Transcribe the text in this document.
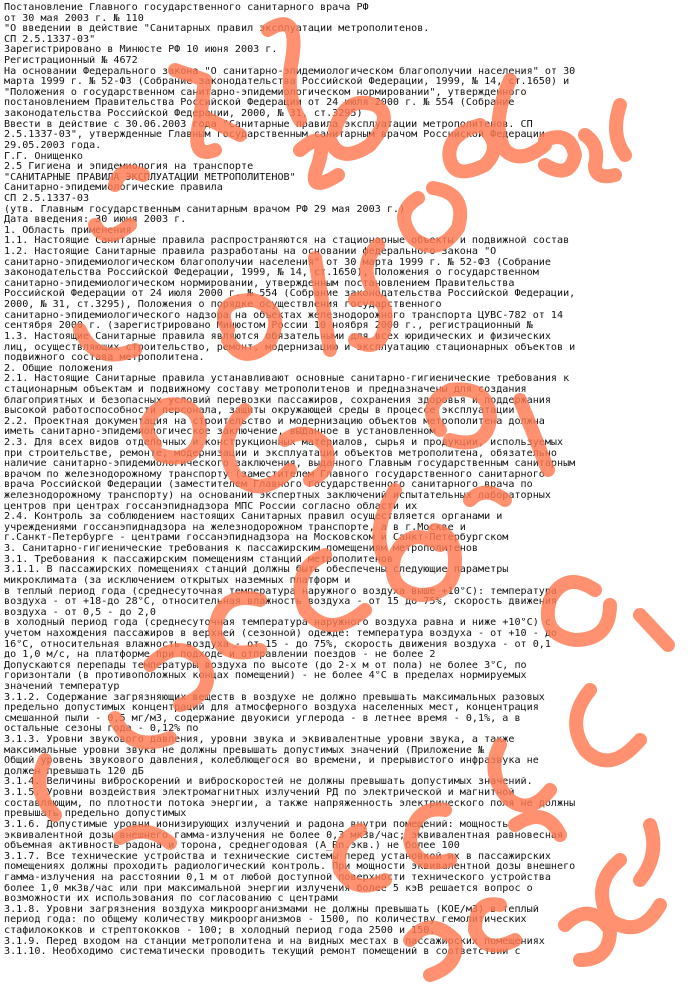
Постановление Главного государственного санитарного врача РФ
от 30 мая 2003 г. № 110
"О введении в действие "Санитарных правил эксплуатации метрополитенов.
СП 2.5.1337-03"
Зарегистрировано в Минюсте РФ 10 июня 2003 г.
Регистрационный № 4672
На основании Федерального закона "О санитарно-эпидемиологическом благополучии населения" от 30
марта 1999 г. № 52-ФЗ (Собрание законодательства Российской Федерации, 1999, № 14, ст.1650) и
"Положения о государственном санитарно-эпидемиологическом нормировании", утвержденного
постановлением Правительства Российской Федерации от 24 июля 2000 г. № 554 (Собрание
законодательства Российской Федерации, 2000, № 31, ст.3295)
Ввести в действие с 30.06.2003 года "Санитарные правила эксплуатации метрополитенов. СП
2.5.1337-03", утвержденные Главным государственным санитарным врачом Российской Федерации
29.05.2003 года.
Г.Г. Онищенко
2.5 Гигиена и эпидемиология на транспорте
"САНИТАРНЫЕ ПРАВИЛА ЭКСПЛУАТАЦИИ МЕТРОПОЛИТЕНОВ"
Санитарно-эпидемиологические правила
СП 2.5.1337-03
(утв. Главным государственным санитарным врачом РФ 29 мая 2003 г.)
Дата введения: 30 июня 2003 г.
1. Область применения
1.1. Настоящие Санитарные правила распространяются на стационарные объекты и подвижной состав
1.2. Настоящие Санитарные правила разработаны на основании федерального закона "О
санитарно-эпидемиологическом благополучии населения" от 30 марта 1999 г. № 52-ФЗ (Собрание
законодательства Российской Федерации, 1999, № 14, ст.1650), Положения о государственном
санитарно-эпидемиологическом нормировании, утвержденным постановлением Правительства
Российской Федерации от 24 июля 2000 г. № 554 (Собрание законодательства Российской Федерации,
2000, № 31, ст.3295), Положения о порядке осуществления государственного
санитарно-эпидемиологического надзора на объектах железнодорожного транспорта ЦУВС-782 от 14
сентября 2000 г. (зарегистрировано Минюстом России 10 ноября 2000 г., регистрационный №
1.3. Настоящие Санитарные правила являются обязательными для всех юридических и физических
лиц, осуществляющих строительство, ремонт, модернизацию и эксплуатацию стационарных объектов и
подвижного состава метрополитена.
2. Общие положения
2.1. Настоящие Санитарные правила устанавливают основные санитарно-гигиенические требования к
стационарным объектам и подвижному составу метрополитенов и предназначены для создания
благоприятных и безопасных условий перевозки пассажиров, сохранения здоровья и поддержания
высокой работоспособности персонала, защиты окружающей среды в процессе эксплуатации
2.2. Проектная документация на строительство и модернизацию объектов метрополитена должна
иметь санитарно-эпидемиологическое заключение, выданное в установленном
2.3. Для всех видов отделочных и конструкционных материалов, сырья и продукции, используемых
при строительстве, ремонте, модернизации и эксплуатации объектов метрополитена, обязательно
наличие санитарно-эпидемиологического заключения, выданного Главным государственным санитарным
врачом по железнодорожному транспорту (заместителем Главного государственного санитарного
врача Российской Федерации (заместителем Главного государственного санитарного врача по
железнодорожному транспорту) на основании экспертных заключений испытательных лабораторных
центров при центрах госсанэпиднадзора МПС России согласно области их
2.4. Контроль за соблюдением настоящих Санитарных правил осуществляется органами и
учреждениями госсанэпиднадзора на железнодорожном транспорте, а в г.Москве и
г.Санкт-Петербурге - центрами госсанэпиднадзора на Московском и Санкт-Петербургском
3. Санитарно-гигиенические требования к пассажирским помещениям метрополитенов
3.1. Требования к пассажирским помещениям станций метрополитенов
3.1.1. В пассажирских помещениях станций должны быть обеспечены следующие параметры
микроклимата (за исключением открытых наземных платформ и
в теплый период года (среднесуточная температура наружного воздуха выше +10°С): температура
воздуха - от +18-до 28°С, относительная влажность воздуха - от 15 до 75%, скорость движения
воздуха - от 0,5 - до 2,0
в холодный период года (среднесуточная температура наружного воздуха равна и ниже +10°С) с
учетом нахождения пассажиров в верхней (сезонной) одежде: температура воздуха - от +10 - до
16°С, относительная влажность воздуха - от 15 - до 75%, скорость движения воздуха - от 0,1
до 1,0 м/с, на платформе при подходе и отправлении поездов - не более 2
Допускаются перепады температуры воздуха по высоте (до 2-х м от пола) не более 3°С, по
горизонтали (в противоположных концах помещений) - не более 4°С в пределах нормируемых
значений температур
3.1.2. Содержание загрязняющих веществ в воздухе не должно превышать максимальных разовых
предельно допустимых концентраций для атмосферного воздуха населенных мест, концентрация
смешанной пыли - 0,5 мг/м3, содержание двуокиси углерода - в летнее время - 0,1%, а в
остальные сезоны года - 0,12% по
3.1.3. Уровни звукового давления, уровни звука и эквивалентные уровни звука, а также
максимальные уровни звука не должны превышать допустимых значений (Приложение №
Общий уровень звукового давления, колеблющегося во времени, и прерывистого инфразвука не
должен превышать 120 дБ
3.1.4. Величины виброскорений и виброскоростей не должны превышать допустимых значений.
3.1.5. Уровни воздействия электромагнитных излучений РД по электрической и магнитной
составляющим, по плотности потока энергии, а также напряженность электрического поля не должны
превышать предельно допустимых
3.1.6. Допустимые уровни ионизирующих излучений и радона внутри помещений: мощность
эквивалентной дозы внешнего гамма-излучения не более 0,3 мкЗв/час; эквивалентная равновесная
объемная активность радона и торона, среднегодовая (A_Rn.экв.) не более 100
3.1.7. Все технические устройства и технические системы перед установкой их в пассажирских
помещениях должны проходить радиологический контроль. При мощности эквивалентной дозы внешнего
гамма-излучения на расстоянии 0,1 м от любой доступной поверхности технического устройства
более 1,0 мкЗв/час или при максимальной энергии излучения более 5 кэВ решается вопрос о
возможности их использования по согласованию с центрами
3.1.8. Уровни загрязнения воздуха микроорганизмами не должны превышать (КОЕ/м3) в теплый
период года: по общему количеству микроорганизмов - 1500, по количеству гемолитических
стафилококков и стрептококков - 100; в холодный период года 2500 и 150,
3.1.9. Перед входом на станции метрополитена и на видных местах в пассажирских помещениях
3.1.10. Необходимо систематически проводить текущий ремонт помещений в соответствии с
